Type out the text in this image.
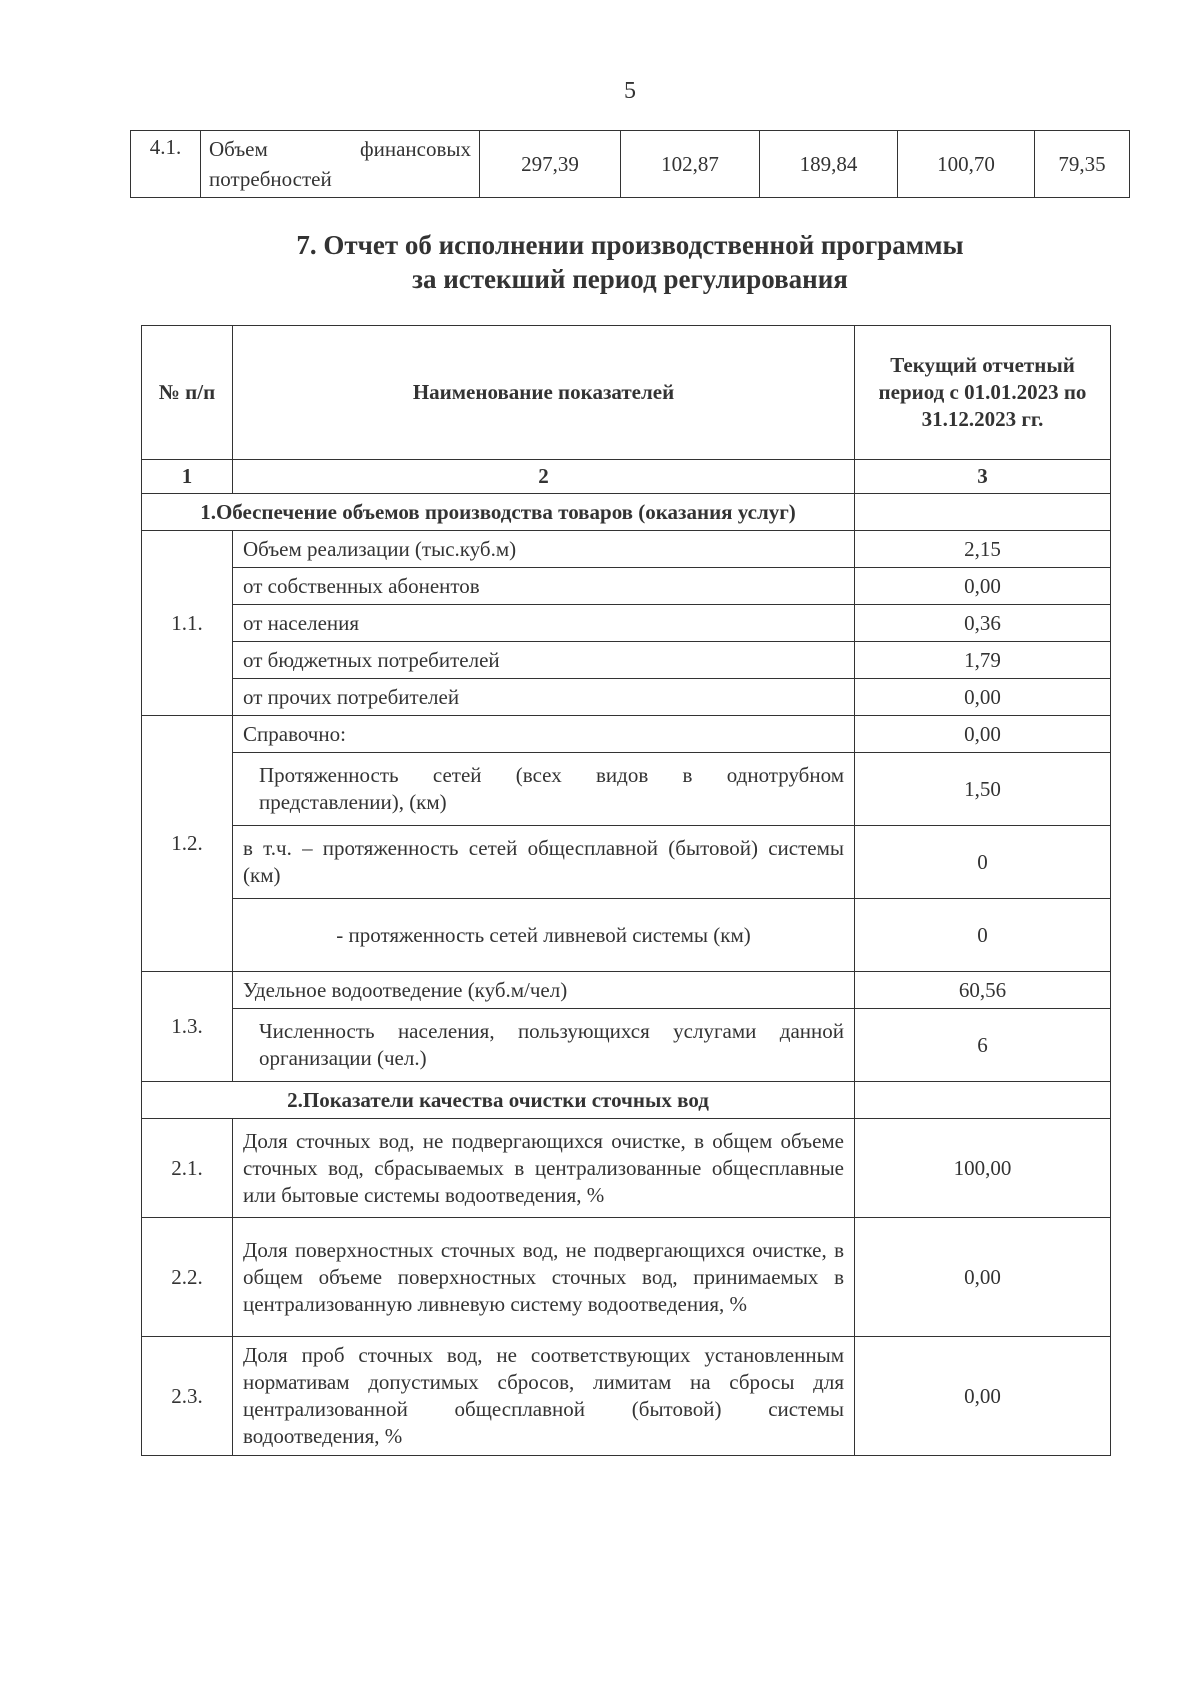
5
4.1.	Объем финансовых потребностей	297,39	102,87	189,84	100,70	79,35
7. Отчет об исполнении производственной программы
за истекший период регулирования
№ п/п	Наименование показателей	Текущий отчетный период с 01.01.2023 по 31.12.2023 гг.
1	2	3
1.Обеспечение объемов производства товаров (оказания услуг)		
1.1.	Объем реализации (тыс.куб.м)	2,15
	от собственных абонентов	0,00
	от населения	0,36
	от бюджетных потребителей	1,79
	от прочих потребителей	0,00
1.2.	Справочно:	0,00
	Протяженность сетей (всех видов в однотрубном представлении), (км)	1,50
	в т.ч. – протяженность сетей общесплавной (бытовой) системы (км)	0
	- протяженность сетей ливневой системы (км)	0
1.3.	Удельное водоотведение (куб.м/чел)	60,56
	Численность населения, пользующихся услугами данной организации (чел.)	6
2.Показатели качества очистки сточных вод		
2.1.	Доля сточных вод, не подвергающихся очистке, в общем объеме сточных вод, сбрасываемых в централизованные общесплавные или бытовые системы водоотведения, %	100,00
2.2.	Доля поверхностных сточных вод, не подвергающихся очистке, в общем объеме поверхностных сточных вод, принимаемых в централизованную ливневую систему водоотведения, %	0,00
2.3.	Доля проб сточных вод, не соответствующих установленным нормативам допустимых сбросов, лимитам на сбросы для централизованной общесплавной (бытовой) системы водоотведения, %	0,00
